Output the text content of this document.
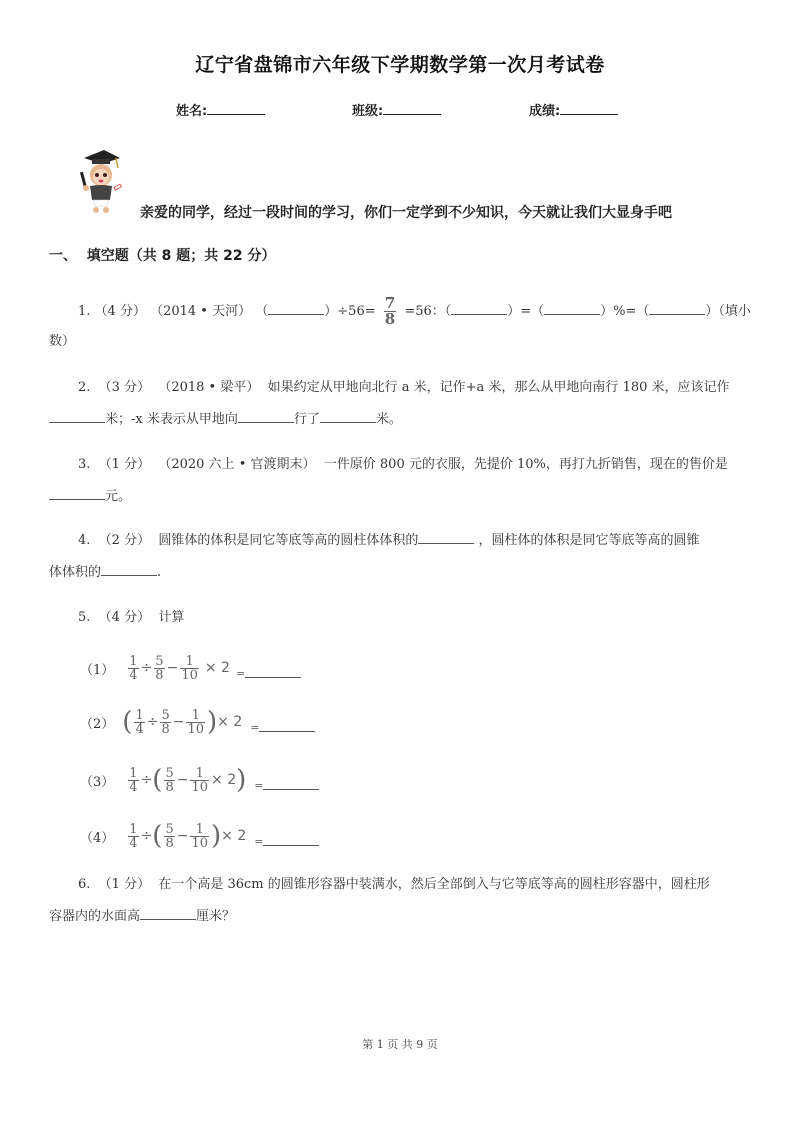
辽宁省盘锦市六年级下学期数学第一次月考试卷
姓名:	班级:	成绩:
亲爱的同学，经过一段时间的学习，你们一定学到不少知识，今天就让我们大显身手吧
一、 填空题（共 8 题；共 22 分）
1. （4 分） （2014 • 天河） （	）$\div 56= \frac{7}{8} =56$：（	）=（	）%=（	）（填小
数）
2. （3 分） （2018 • 梁平） 如果约定从甲地向北行 a 米，记作+a 米，那么从甲地向南行 180 米，应该记作
米；-x 米表示从甲地向	行了	米。
3. （1 分） （2020 六上 • 官渡期末） 一件原价 800 元的衣服，先提价 10%，再打九折销售，现在的售价是
元。
4. （2 分） 圆锥体的体积是同它等底等高的圆柱体体积的	，圆柱体的体积是同它等底等高的圆锥
体体积的	.
5. （4 分） 计算
$(1) \frac{1}{4} \div \frac{5}{8} - \frac{1}{10} \times 2$ =
（2） ( $\frac{1}{4} \div \frac{5}{8} - \frac{1}{10}$ ) × 2 =
$(3) \frac{1}{4}$ ÷ ( $\frac{5}{8} - \frac{1}{10} \times 2$ ) =
$(4) \frac{1}{4}$ ÷ ( $\frac{5}{8} - \frac{1}{10}$ ) × 2 =
6. （1 分） 在一个高是 36cm 的圆锥形容器中装满水，然后全部倒入与它等底等高的圆柱形容器中，圆柱形
容器内的水面高	厘米？
第 1 页 共 9 页
